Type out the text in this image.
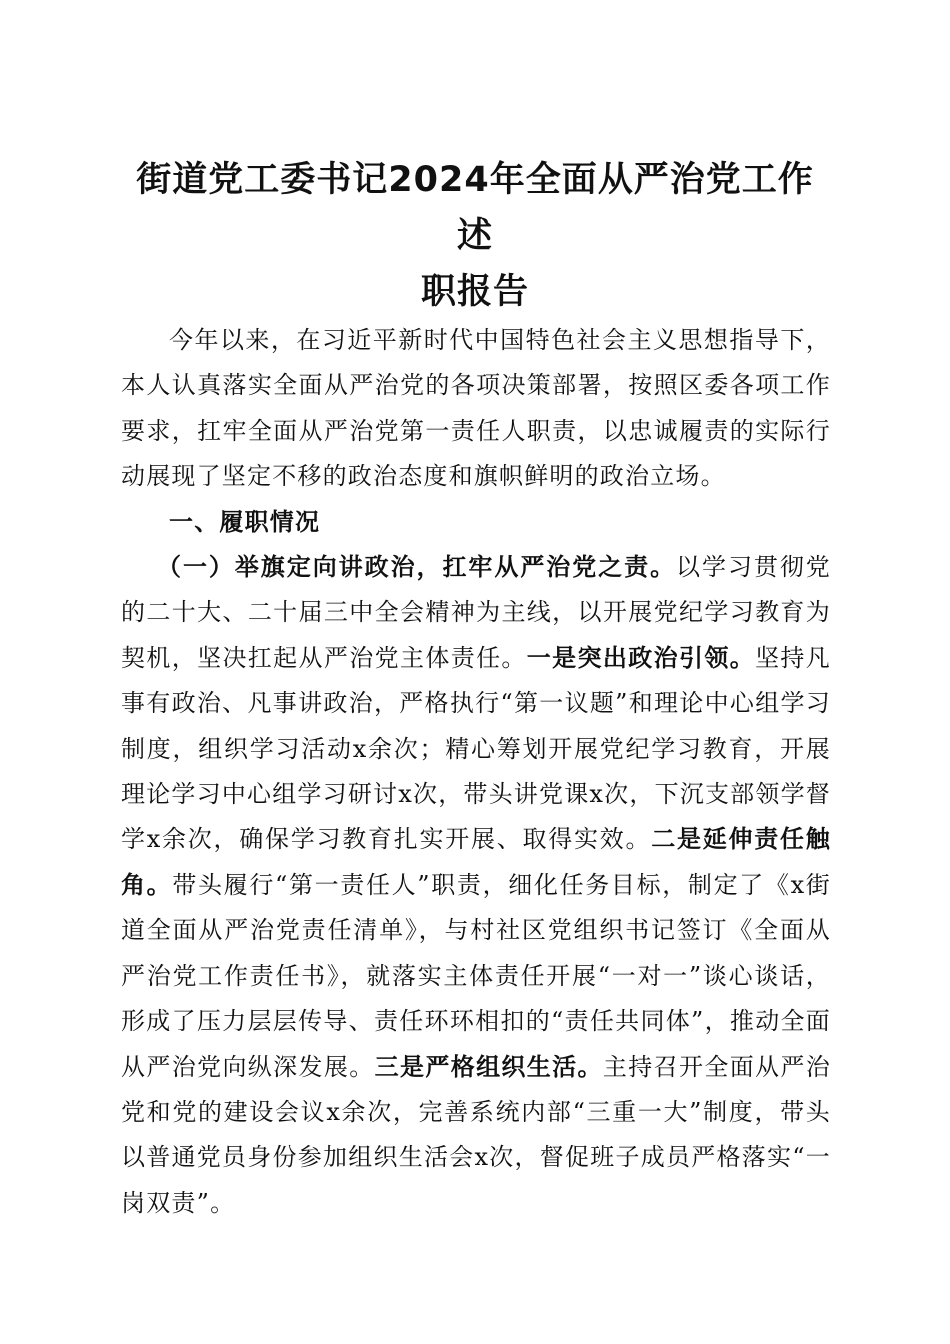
街道党工委书记2024年全面从严治党工作述
职报告

今年以来，在习近平新时代中国特色社会主义思想指导下，本人认真落实全面从严治党的各项决策部署，按照区委各项工作要求，扛牢全面从严治党第一责任人职责，以忠诚履责的实际行动展现了坚定不移的政治态度和旗帜鲜明的政治立场。

一、履职情况

（一）举旗定向讲政治，扛牢从严治党之责。以学习贯彻党的二十大、二十届三中全会精神为主线，以开展党纪学习教育为契机，坚决扛起从严治党主体责任。一是突出政治引领。坚持凡事有政治、凡事讲政治，严格执行“第一议题”和理论中心组学习制度，组织学习活动x余次；精心筹划开展党纪学习教育，开展理论学习中心组学习研讨x次，带头讲党课x次，下沉支部领学督学x余次，确保学习教育扎实开展、取得实效。二是延伸责任触角。带头履行“第一责任人”职责，细化任务目标，制定了《x街道全面从严治党责任清单》，与村社区党组织书记签订《全面从严治党工作责任书》，就落实主体责任开展“一对一”谈心谈话，形成了压力层层传导、责任环环相扣的“责任共同体”，推动全面从严治党向纵深发展。三是严格组织生活。主持召开全面从严治党和党的建设会议x余次，完善系统内部“三重一大”制度，带头以普通党员身份参加组织生活会x次，督促班子成员严格落实“一岗双责”。
